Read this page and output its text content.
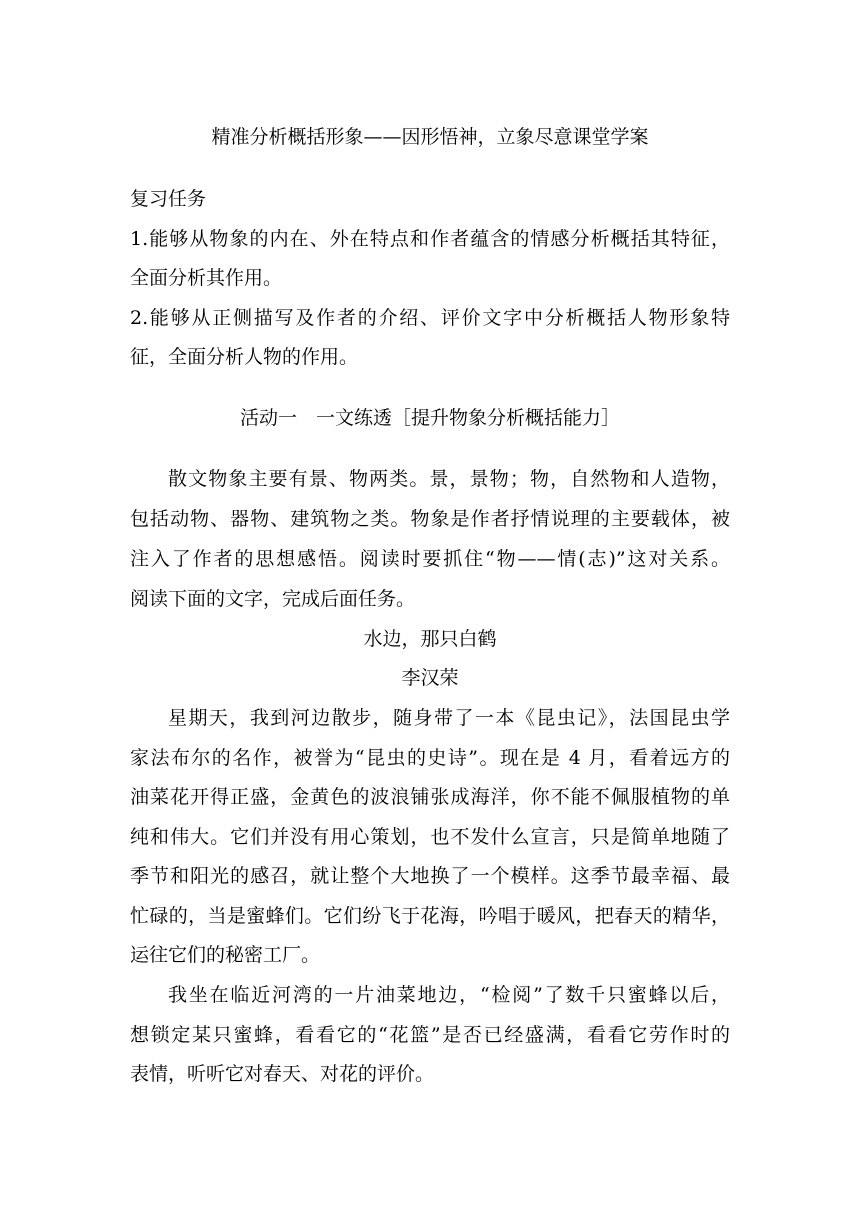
精准分析概括形象——因形悟神，立象尽意课堂学案
复习任务
1.能够从物象的内在、外在特点和作者蕴含的情感分析概括其特征，
全面分析其作用。
2.能够从正侧描写及作者的介绍、评价文字中分析概括人物形象特
征，全面分析人物的作用。
活动一　一文练透［提升物象分析概括能力］
散文物象主要有景、物两类。景，景物；物，自然物和人造物，
包括动物、器物、建筑物之类。物象是作者抒情说理的主要载体，被
注入了作者的思想感悟。阅读时要抓住“物——情(志)”这对关系。
阅读下面的文字，完成后面任务。
水边，那只白鹤
李汉荣
星期天，我到河边散步，随身带了一本《昆虫记》，法国昆虫学
家法布尔的名作，被誉为“昆虫的史诗”。现在是 4 月，看着远方的
油菜花开得正盛，金黄色的波浪铺张成海洋，你不能不佩服植物的单
纯和伟大。它们并没有用心策划，也不发什么宣言，只是简单地随了
季节和阳光的感召，就让整个大地换了一个模样。这季节最幸福、最
忙碌的，当是蜜蜂们。它们纷飞于花海，吟唱于暖风，把春天的精华，
运往它们的秘密工厂。
我坐在临近河湾的一片油菜地边，“检阅”了数千只蜜蜂以后，
想锁定某只蜜蜂，看看它的“花篮”是否已经盛满，看看它劳作时的
表情，听听它对春天、对花的评价。
